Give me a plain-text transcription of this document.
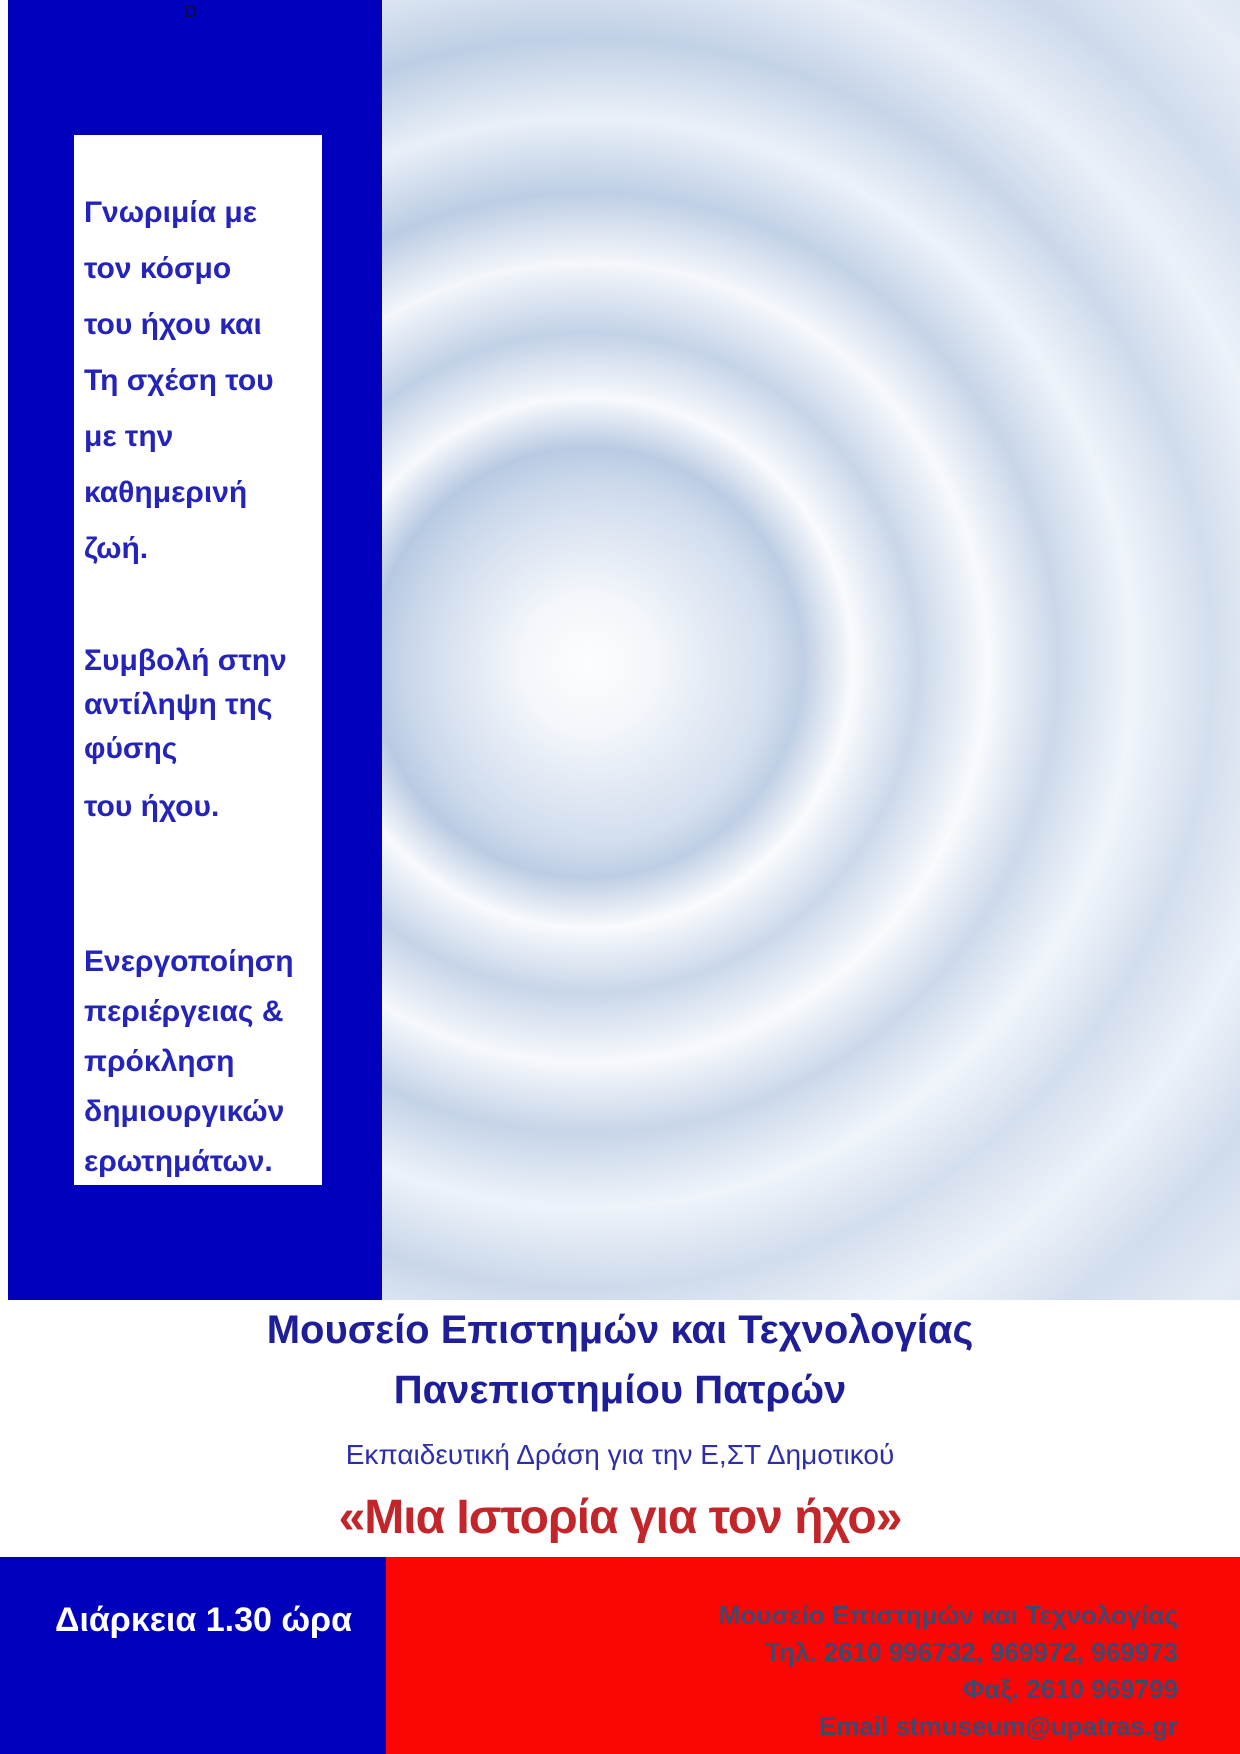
D
Γνωριμία με
τον κόσμο
του ήχου και
Τη σχέση του
με την
καθημερινή
ζωή.
Συμβολή στην
αντίληψη της
φύσης
του ήχου.
Ενεργοποίηση
περιέργειας &
πρόκληση
δημιουργικών
ερωτημάτων.
Μουσείο Επιστημών και Τεχνολογίας
Πανεπιστημίου Πατρών
Εκπαιδευτική Δράση για την Ε,ΣΤ Δημοτικού
«Μια Ιστορία για τον ήχο»
Διάρκεια 1.30 ώρα	Μουσείο Επιστημών και Τεχνολογίας
Τηλ. 2610 996732, 969972, 969973
Φαξ. 2610 969799
Email stmuseum@upatras.gr
